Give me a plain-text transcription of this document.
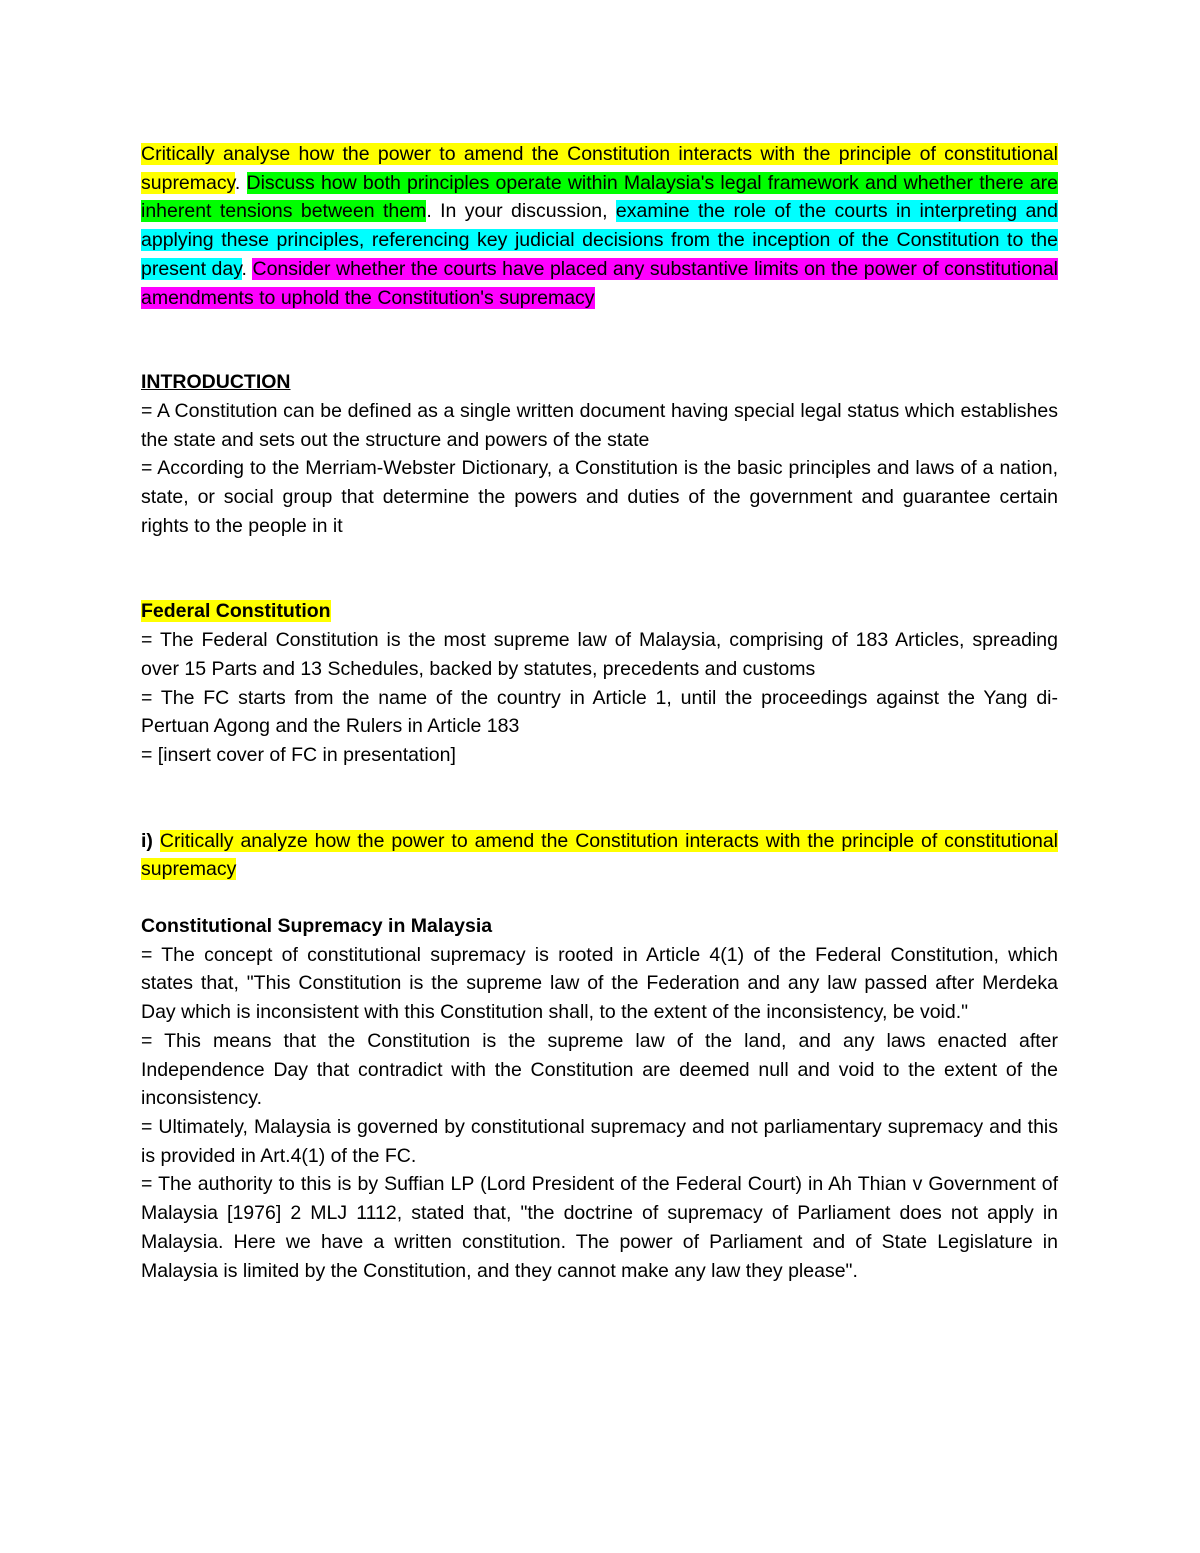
Critically analyse how the power to amend the Constitution interacts with the principle of constitutional supremacy. Discuss how both principles operate within Malaysia's legal framework and whether there are inherent tensions between them. In your discussion, examine the role of the courts in interpreting and applying these principles, referencing key judicial decisions from the inception of the Constitution to the present day. Consider whether the courts have placed any substantive limits on the power of constitutional amendments to uphold the Constitution's supremacy

INTRODUCTION

= A Constitution can be defined as a single written document having special legal status which establishes the state and sets out the structure and powers of the state

= According to the Merriam-Webster Dictionary, a Constitution is the basic principles and laws of a nation, state, or social group that determine the powers and duties of the government and guarantee certain rights to the people in it

Federal Constitution

= The Federal Constitution is the most supreme law of Malaysia, comprising of 183 Articles, spreading over 15 Parts and 13 Schedules, backed by statutes, precedents and customs

= The FC starts from the name of the country in Article 1, until the proceedings against the Yang di-Pertuan Agong and the Rulers in Article 183

= [insert cover of FC in presentation]

i) Critically analyze how the power to amend the Constitution interacts with the principle of constitutional supremacy

Constitutional Supremacy in Malaysia

= The concept of constitutional supremacy is rooted in Article 4(1) of the Federal Constitution, which states that, "This Constitution is the supreme law of the Federation and any law passed after Merdeka Day which is inconsistent with this Constitution shall, to the extent of the inconsistency, be void."

= This means that the Constitution is the supreme law of the land, and any laws enacted after Independence Day that contradict with the Constitution are deemed null and void to the extent of the inconsistency.

= Ultimately, Malaysia is governed by constitutional supremacy and not parliamentary supremacy and this is provided in Art.4(1) of the FC.

= The authority to this is by Suffian LP (Lord President of the Federal Court) in Ah Thian v Government of Malaysia [1976] 2 MLJ 1112, stated that, "the doctrine of supremacy of Parliament does not apply in Malaysia. Here we have a written constitution. The power of Parliament and of State Legislature in Malaysia is limited by the Constitution, and they cannot make any law they please".
